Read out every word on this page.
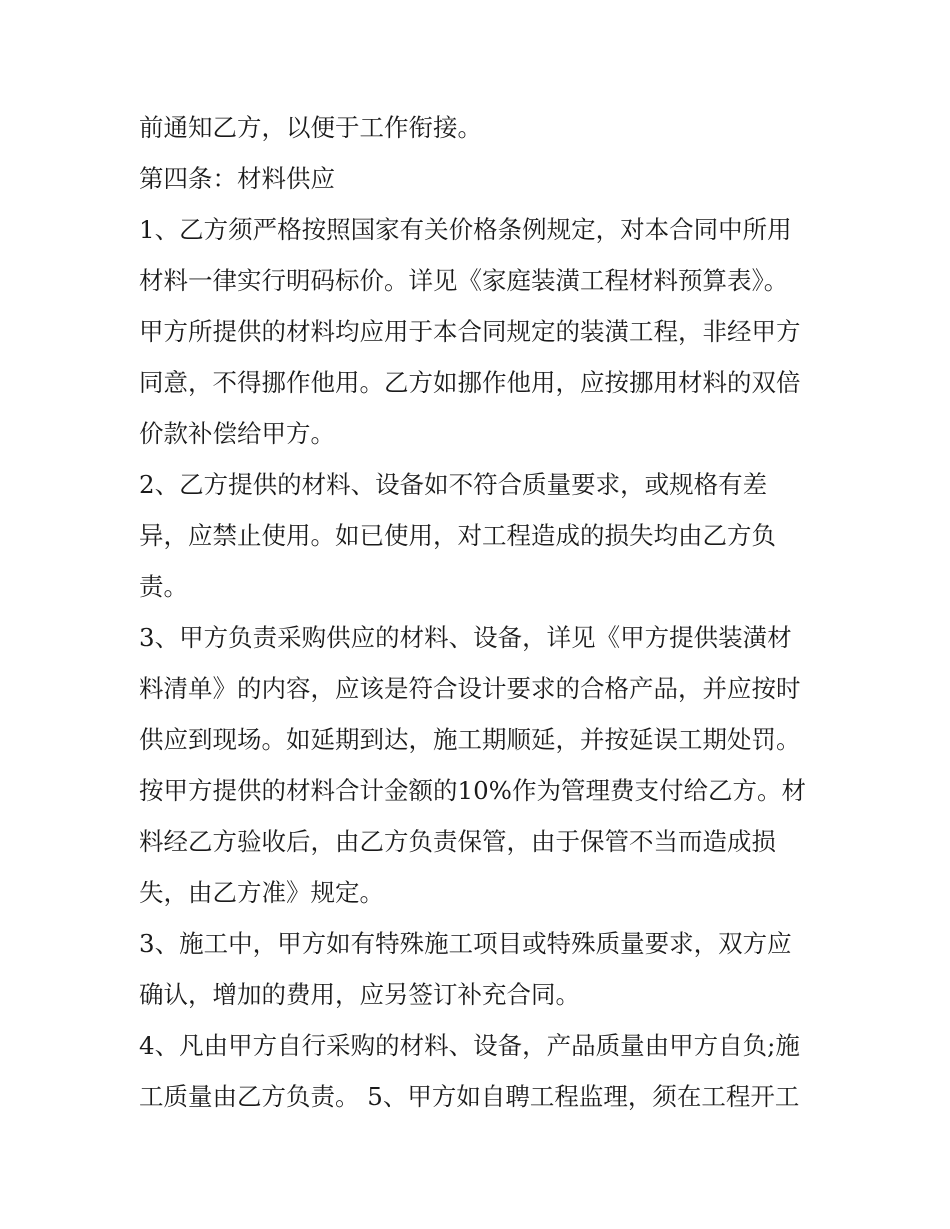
前通知乙方，以便于工作衔接。
第四条：材料供应
1、乙方须严格按照国家有关价格条例规定，对本合同中所用
材料一律实行明码标价。详见《家庭装潢工程材料预算表》。
甲方所提供的材料均应用于本合同规定的装潢工程，非经甲方
同意，不得挪作他用。乙方如挪作他用，应按挪用材料的双倍
价款补偿给甲方。
2、乙方提供的材料、设备如不符合质量要求，或规格有差
异，应禁止使用。如已使用，对工程造成的损失均由乙方负
责。
3、甲方负责采购供应的材料、设备，详见《甲方提供装潢材
料清单》的内容，应该是符合设计要求的合格产品，并应按时
供应到现场。如延期到达，施工期顺延，并按延误工期处罚。
按甲方提供的材料合计金额的10%作为管理费支付给乙方。材
料经乙方验收后，由乙方负责保管，由于保管不当而造成损
失，由乙方准》规定。
3、施工中，甲方如有特殊施工项目或特殊质量要求，双方应
确认，增加的费用，应另签订补充合同。
4、凡由甲方自行采购的材料、设备，产品质量由甲方自负;施
工质量由乙方负责。 5、甲方如自聘工程监理，须在工程开工
